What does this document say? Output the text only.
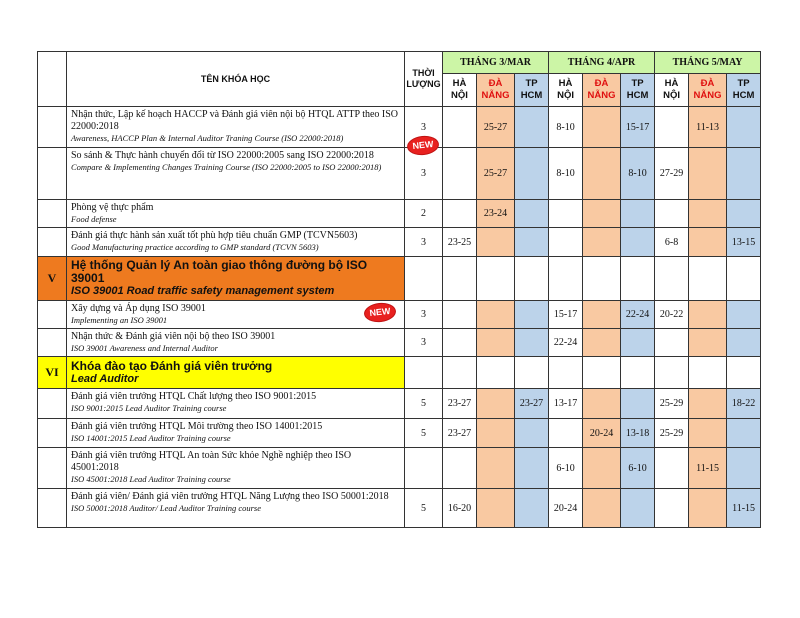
	TÊN KHÓA HỌC	THỜI
LƯỢNG	THÁNG 3/MAR			THÁNG 4/APR			THÁNG 5/MAY		
			HÀ
NỘI	ĐÀ
NẴNG	TP
HCM	HÀ
NỘI	ĐÀ
NẴNG	TP
HCM	HÀ
NỘI	ĐÀ
NẴNG	TP
HCM

	Nhận thức, Lập kế hoạch HACCP và Đánh giá viên nội bộ HTQL ATTP theo ISO 22000:2018
Awareness, HACCP Plan & Internal Auditor Traning Course (ISO 22000:2018)	3		25-27		8-10		15-17		11-13	

	So sánh & Thực hành chuyển đổi từ ISO 22000:2005 sang ISO 22000:2018
Compare & Implementing Changes Training Course (ISO 22000:2005 to ISO 22000:2018)	3		25-27		8-10		8-10	27-29		

	Phòng vệ thực phẩm
Food defense	2		23-24							

	Đánh giá thực hành sản xuất tốt phù hợp tiêu chuẩn GMP (TCVN5603)
Good Manufacturing practice according to GMP standard (TCVN 5603)	3	23-25						6-8		13-15
V	Hệ thống Quản lý An toàn giao thông đường bộ ISO 39001
ISO 39001 Road traffic safety management system										

	Xây dựng và Áp dụng ISO 39001
Implementing an ISO 39001	3				15-17		22-24	20-22		

	Nhận thức & Đánh giá viên nội bộ theo ISO 39001
ISO 39001 Awareness and Internal Auditor	3				22-24					
VI	Khóa đào tạo Đánh giá viên trưởng
Lead Auditor										

	Đánh giá viên trưởng HTQL Chất lượng theo ISO 9001:2015
ISO 9001:2015 Lead Auditor Training course	5	23-27		23-27	13-17			25-29		18-22

	Đánh giá viên trưởng HTQL Môi trường theo ISO 14001:2015
ISO 14001:2015 Lead Auditor Training course	5	23-27				20-24	13-18	25-29		

	Đánh giá viên trưởng HTQL An toàn Sức khỏe Nghề nghiệp theo ISO 45001:2018
ISO 45001:2018 Lead Auditor Training course					6-10		6-10		11-15	

	Đánh giá viên/ Đánh giá viên trưởng HTQL Năng Lượng theo ISO 50001:2018
ISO 50001:2018 Auditor/ Lead Auditor Training course	5	16-20			20-24					11-15
NEW
NEW
